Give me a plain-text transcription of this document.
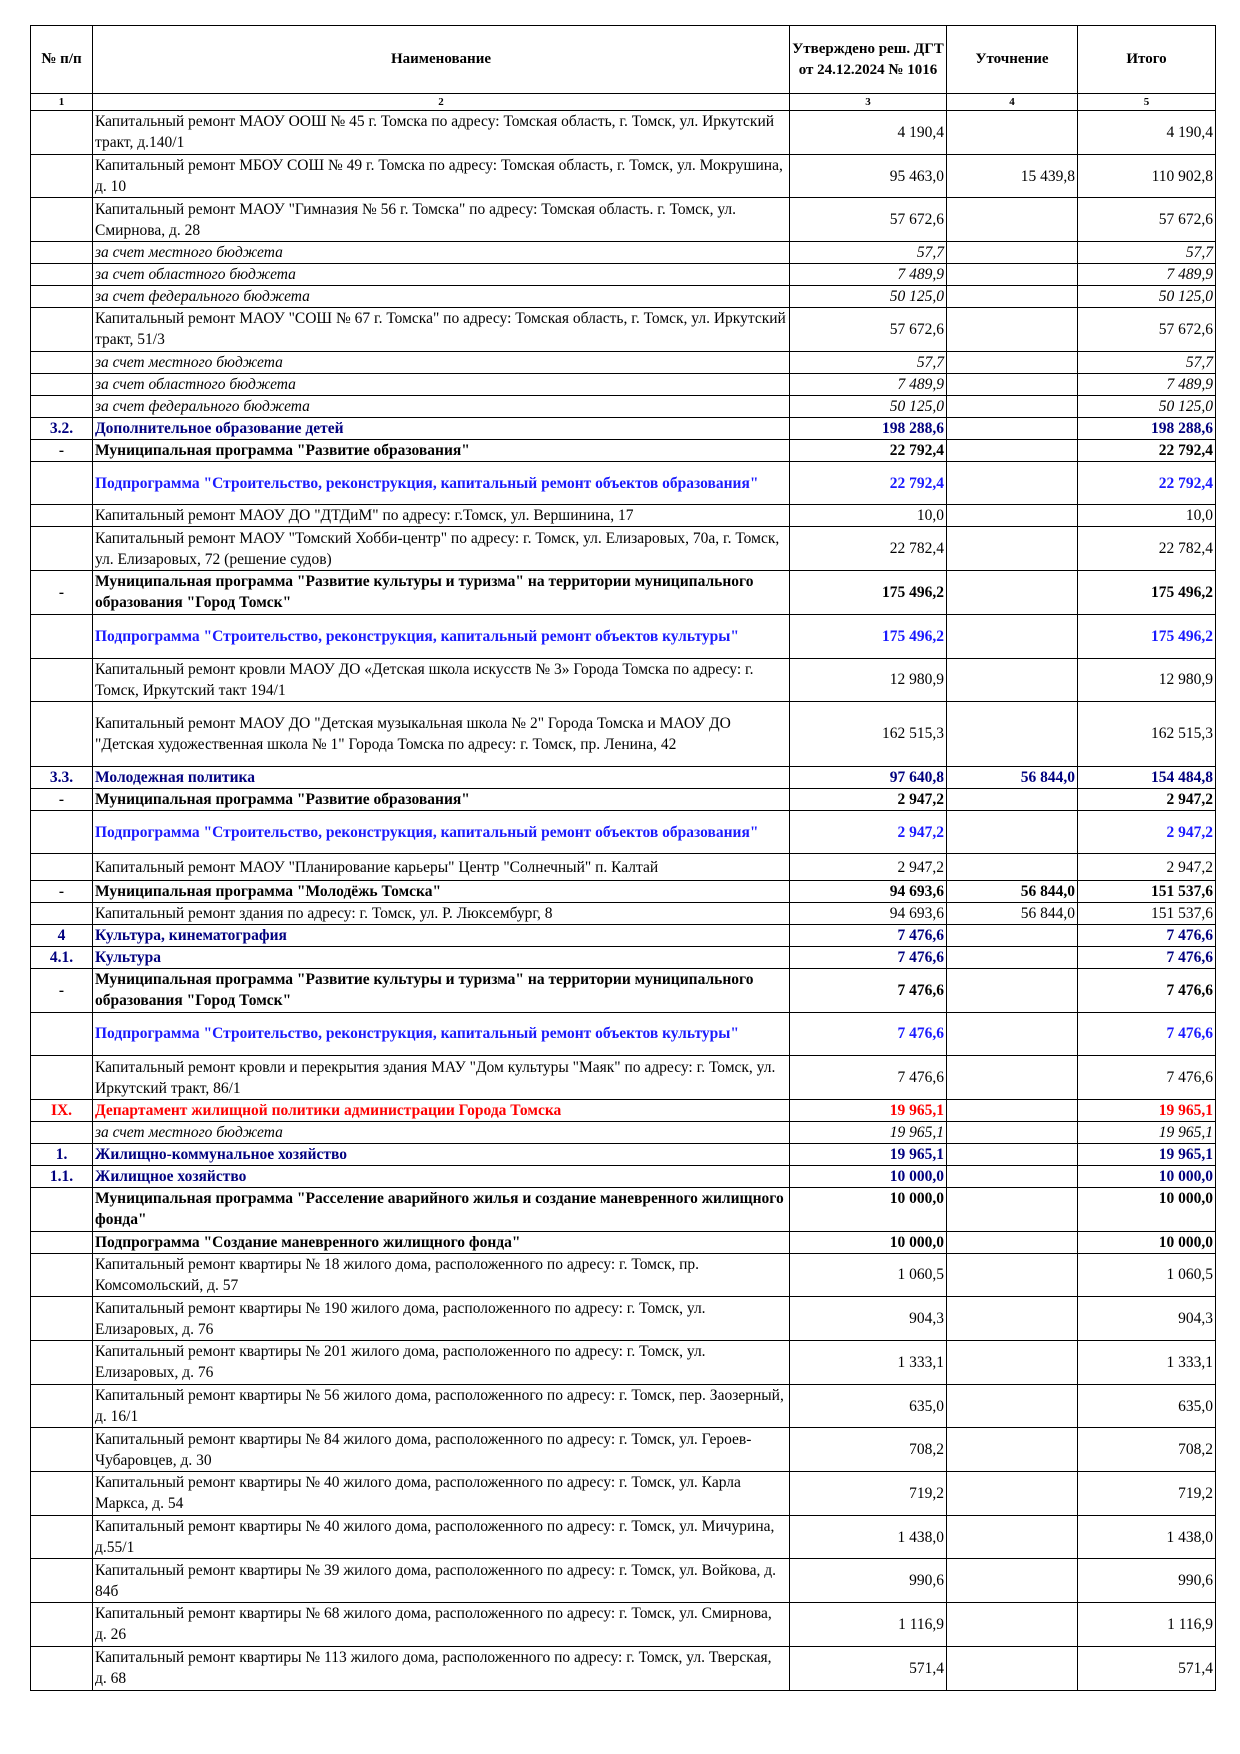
№ п/п	Наименование	Утверждено реш. ДГТ от 24.12.2024 № 1016	Уточнение	Итого
1	2	3	4	5
	Капитальный ремонт МАОУ ООШ № 45 г. Томска по адресу: Томская область, г. Томск, ул. Иркутский тракт, д.140/1	4 190,4		4 190,4
	Капитальный ремонт МБОУ СОШ № 49 г. Томска по адресу: Томская область, г. Томск, ул. Мокрушина, д. 10	95 463,0	15 439,8	110 902,8
	Капитальный ремонт МАОУ "Гимназия № 56 г. Томска" по адресу: Томская область. г. Томск, ул. Смирнова, д. 28	57 672,6		57 672,6
	за счет местного бюджета	57,7		57,7
	за счет областного бюджета	7 489,9		7 489,9
	за счет федерального бюджета	50 125,0		50 125,0
	Капитальный ремонт МАОУ "СОШ № 67 г. Томска" по адресу: Томская область, г. Томск, ул. Иркутский тракт, 51/3	57 672,6		57 672,6
	за счет местного бюджета	57,7		57,7
	за счет областного бюджета	7 489,9		7 489,9
	за счет федерального бюджета	50 125,0		50 125,0
3.2.	Дополнительное образование детей	198 288,6		198 288,6
-	Муниципальная программа "Развитие образования"	22 792,4		22 792,4
	Подпрограмма "Строительство, реконструкция, капитальный ремонт объектов образования"	22 792,4		22 792,4
	Капитальный ремонт МАОУ ДО "ДТДиМ" по адресу: г.Томск, ул. Вершинина, 17	10,0		10,0
	Капитальный ремонт МАОУ "Томский Хобби-центр" по адресу: г. Томск, ул. Елизаровых, 70а, г. Томск, ул. Елизаровых, 72 (решение судов)	22 782,4		22 782,4
-	Муниципальная программа "Развитие культуры и туризма" на территории муниципального образования "Город Томск"	175 496,2		175 496,2
	Подпрограмма "Строительство, реконструкция, капитальный ремонт объектов культуры"	175 496,2		175 496,2
	Капитальный ремонт кровли МАОУ ДО «Детская школа искусств № 3» Города Томска по адресу: г. Томск, Иркутский такт 194/1	12 980,9		12 980,9
	Капитальный ремонт МАОУ ДО "Детская музыкальная школа № 2" Города Томска и МАОУ ДО "Детская художественная школа № 1" Города Томска по адресу: г. Томск, пр. Ленина, 42	162 515,3		162 515,3
3.3.	Молодежная политика	97 640,8	56 844,0	154 484,8
-	Муниципальная программа "Развитие образования"	2 947,2		2 947,2
	Подпрограмма "Строительство, реконструкция, капитальный ремонт объектов образования"	2 947,2		2 947,2
	Капитальный ремонт МАОУ "Планирование карьеры" Центр "Солнечный" п. Калтай	2 947,2		2 947,2
-	Муниципальная программа "Молодёжь Томска"	94 693,6	56 844,0	151 537,6
	Капитальный ремонт здания по адресу: г. Томск, ул. Р. Люксембург, 8	94 693,6	56 844,0	151 537,6
4	Культура, кинематография	7 476,6		7 476,6
4.1.	Культура	7 476,6		7 476,6
-	Муниципальная программа "Развитие культуры и туризма" на территории муниципального образования "Город Томск"	7 476,6		7 476,6
	Подпрограмма "Строительство, реконструкция, капитальный ремонт объектов культуры"	7 476,6		7 476,6
	Капитальный ремонт кровли и перекрытия здания МАУ "Дом культуры "Маяк" по адресу: г. Томск, ул. Иркутский тракт, 86/1	7 476,6		7 476,6
IX.	Департамент жилищной политики администрации Города Томска	19 965,1		19 965,1
	за счет местного бюджета	19 965,1		19 965,1
1.	Жилищно-коммунальное хозяйство	19 965,1		19 965,1
1.1.	Жилищное хозяйство	10 000,0		10 000,0
	Муниципальная программа "Расселение аварийного жилья и создание маневренного жилищного фонда"	10 000,0		10 000,0
	Подпрограмма "Создание маневренного жилищного фонда"	10 000,0		10 000,0
	Капитальный ремонт квартиры № 18 жилого дома, расположенного по адресу: г. Томск, пр. Комсомольский, д. 57	1 060,5		1 060,5
	Капитальный ремонт квартиры № 190 жилого дома, расположенного по адресу: г. Томск, ул. Елизаровых, д. 76	904,3		904,3
	Капитальный ремонт квартиры № 201 жилого дома, расположенного по адресу: г. Томск, ул. Елизаровых, д. 76	1 333,1		1 333,1
	Капитальный ремонт квартиры № 56 жилого дома, расположенного по адресу: г. Томск, пер. Заозерный, д. 16/1	635,0		635,0
	Капитальный ремонт квартиры № 84 жилого дома, расположенного по адресу: г. Томск, ул. Героев-Чубаровцев, д. 30	708,2		708,2
	Капитальный ремонт квартиры № 40 жилого дома, расположенного по адресу: г. Томск, ул. Карла Маркса, д. 54	719,2		719,2
	Капитальный ремонт квартиры № 40 жилого дома, расположенного по адресу: г. Томск, ул. Мичурина, д.55/1	1 438,0		1 438,0
	Капитальный ремонт квартиры № 39 жилого дома, расположенного по адресу: г. Томск, ул. Войкова, д. 84б	990,6		990,6
	Капитальный ремонт квартиры № 68 жилого дома, расположенного по адресу: г. Томск, ул. Смирнова, д. 26	1 116,9		1 116,9
	Капитальный ремонт квартиры № 113 жилого дома, расположенного по адресу: г. Томск, ул. Тверская, д. 68	571,4		571,4
